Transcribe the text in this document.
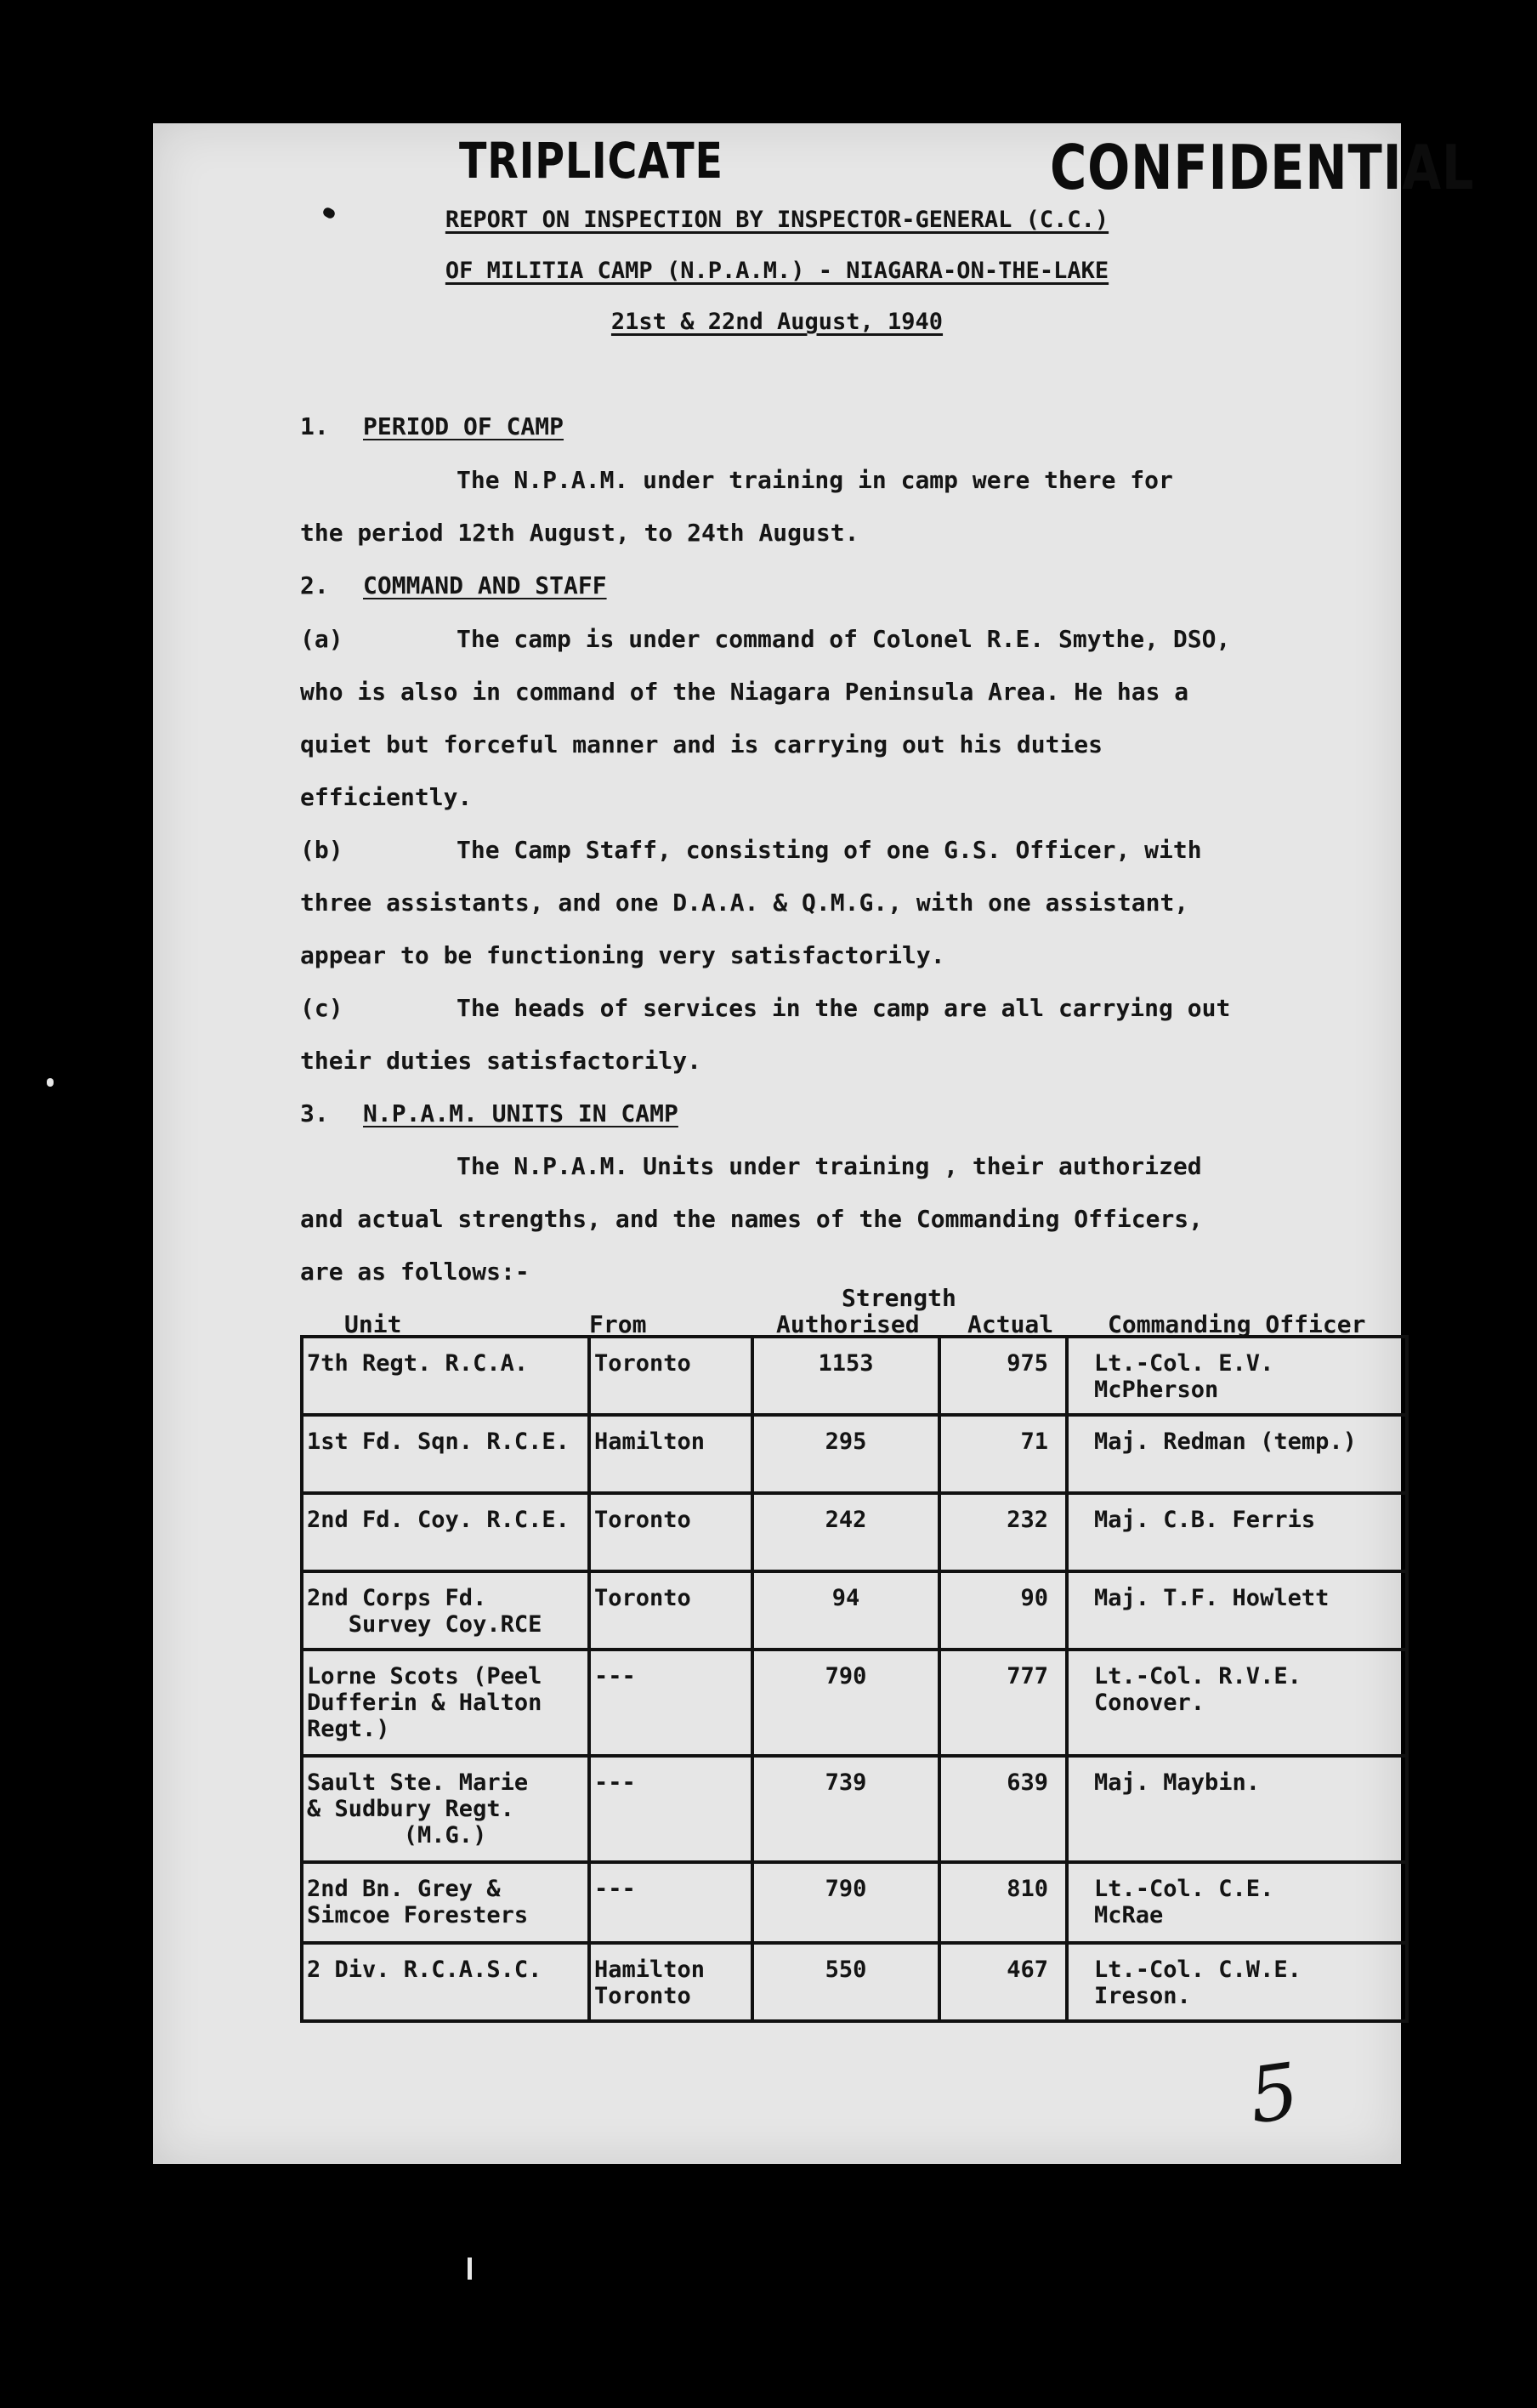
TRIPLICATE	CONFIDENTIAL
REPORT ON INSPECTION BY INSPECTOR-GENERAL (C.C.)
OF MILITIA CAMP (N.P.A.M.) - NIAGARA-ON-THE-LAKE
21st & 22nd August, 1940
1. PERIOD OF CAMP
The N.P.A.M. under training in camp were there for
the period 12th August, to 24th August.
2. COMMAND AND STAFF
(a)	The camp is under command of Colonel R.E. Smythe, DSO,
who is also in command of the Niagara Peninsula Area. He has a
quiet but forceful manner and is carrying out his duties
efficiently.
(b)	The Camp Staff, consisting of one G.S. Officer, with
three assistants, and one D.A.A. & Q.M.G., with one assistant,
appear to be functioning very satisfactorily.
(c)	The heads of services in the camp are all carrying out
their duties satisfactorily.
3. N.P.A.M. UNITS IN CAMP
The N.P.A.M. Units under training , their authorized
and actual strengths, and the names of the Commanding Officers,
are as follows:-
Strength
Unit	From	Authorised Actual Commanding Officer
7th Regt. R.C.A.	Toronto	1153	975	Lt.-Col. E.V.
McPherson
1st Fd. Sqn. R.C.E.	Hamilton	295	71	Maj. Redman (temp.)
2nd Fd. Coy. R.C.E.	Toronto	242	232	Maj. C.B. Ferris
2nd Corps Fd.
Survey Coy.RCE	Toronto	94	90	Maj. T.F. Howlett
Lorne Scots (Peel
Dufferin & Halton
Regt.)	---	790	777	Lt.-Col. R.V.E.
Conover.
Sault Ste. Marie
& Sudbury Regt.
(M.G.)	---	739	639	Maj. Maybin.
2nd Bn. Grey &
Simcoe Foresters	---	790	810	Lt.-Col. C.E.
McRae
2 Div. R.C.A.S.C.	Hamilton
Toronto	550	467	Lt.-Col. C.W.E.
Ireson.
5
